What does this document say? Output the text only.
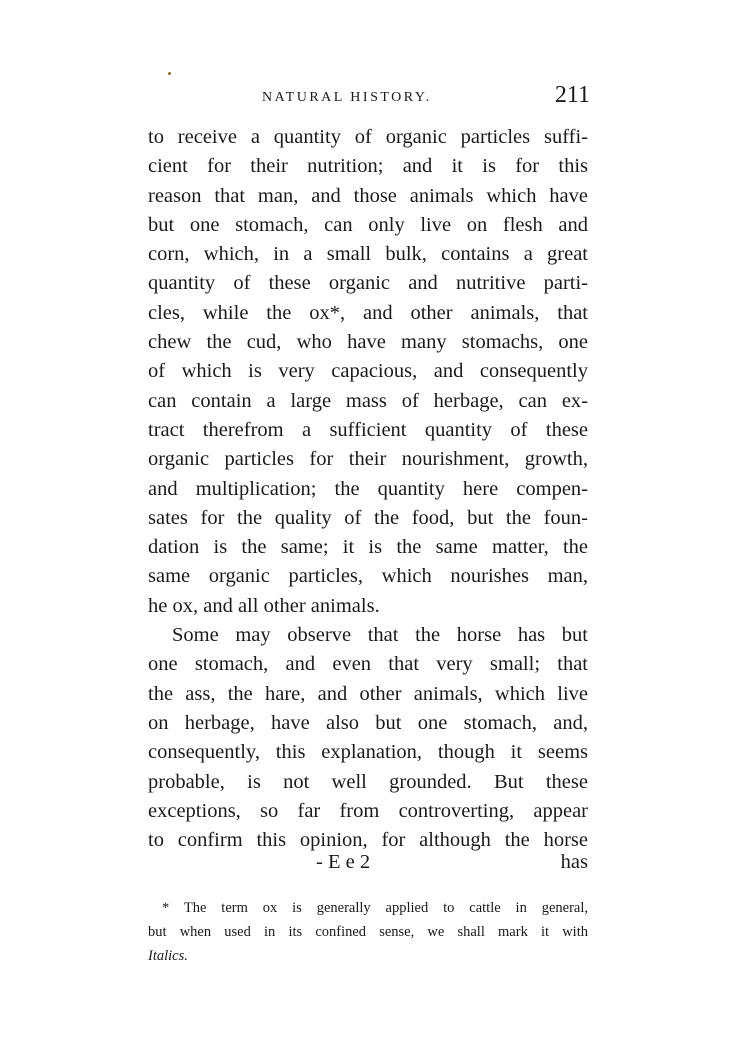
NATURAL HISTORY.	211
to receive a quantity of organic particles suffi-
cient for their nutrition; and it is for this
reason that man, and those animals which have
but one stomach, can only live on flesh and
corn, which, in a small bulk, contains a great
quantity of these organic and nutritive parti-
cles, while the ox*, and other animals, that
chew the cud, who have many stomachs, one
of which is very capacious, and consequently
can contain a large mass of herbage, can ex-
tract therefrom a sufficient quantity of these
organic particles for their nourishment, growth,
and multiplication; the quantity here compen-
sates for the quality of the food, but the foun-
dation is the same; it is the same matter, the
same organic particles, which nourishes man,
he ox, and all other animals.
Some may observe that the horse has but
one stomach, and even that very small; that
the ass, the hare, and other animals, which live
on herbage, have also but one stomach, and,
consequently, this explanation, though it seems
probable, is not well grounded. But these
exceptions, so far from controverting, appear
to confirm this opinion, for although the horse
- E e 2	has
* The term ox is generally applied to cattle in general,
but when used in its confined sense, we shall mark it with
Italics.
